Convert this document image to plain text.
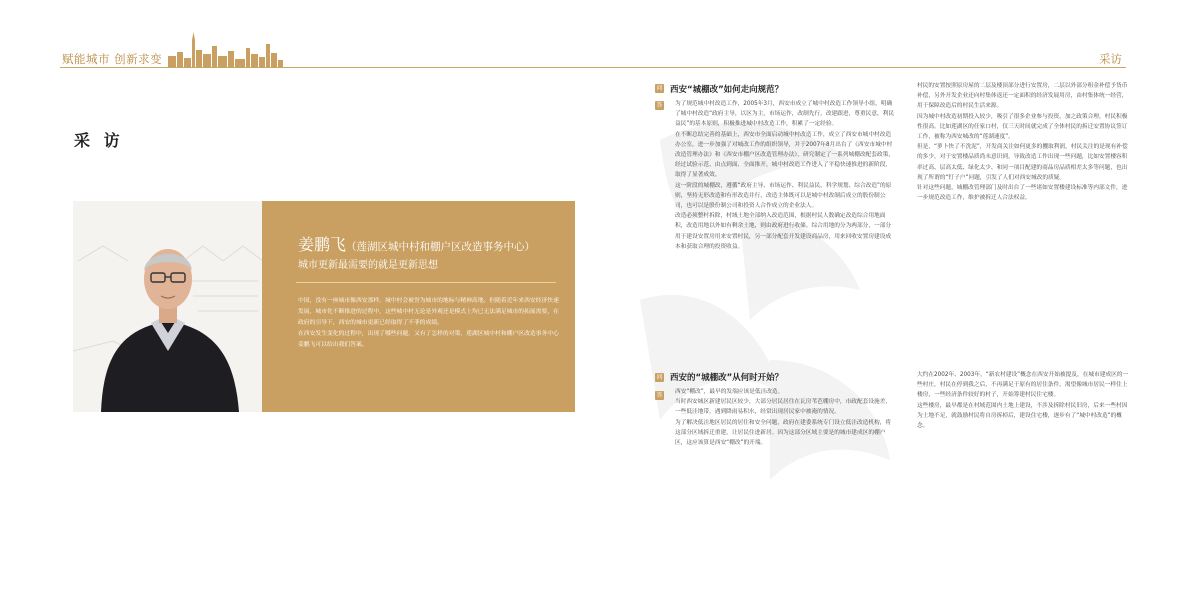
赋能城市 创新求变	采访
采 访
姜鹏飞（莲湖区城中村和棚户区改造事务中心）
城市更新最需要的就是更新思想

中国，没有一座城市像西安那样，城中村会被誉为城市的地标与精神高地。但随着近年来西安经济快速发展，城市化不断推进的过程中，这些城中村无论是外观还是模式上均已无法满足城市的拓展需要，在政府的引导下，西安的城市更新已经取得了不菲的成绩。

在西安发生变化的过程中，出现了哪些问题，又有了怎样的对策，莲湖区城中村和棚户区改造事务中心姜鹏飞可以给出我们答案。

问 西安“城棚改”如何走向规范？
答 为了规范城中村改造工作，2005年3月，西安市成立了城中村改造工作领导小组，明确了城中村改造“政府主导，以区为主，市场运作，改制先行，改建跟进，尊重民意，利民益民”的基本原则，积极推进城中村改造工作，积累了一定经验。

在不断总结完善的基础上，西安市全面启动城中村改造工作，成立了西安市城中村改造办公室，进一步加强了对城改工作的组织领导，并于2007年8月出台了《西安市城中村改造管理办法》和《西安市棚户区改造管理办法》，研究制定了一系列城棚改配套政策，经过试验示范、由点到面、全面推开，城中村改造工作进入了平稳快速推进的新阶段，取得了显著成效。

这一阶段的城棚改，遵循“政府主导、市场运作、利民益民、科学规划、综合改造”的原则，坚持无形改造和有形改造并行，改造主体既可以是城中村改制后成立的股份制公司，也可以是股份制公司和投资人合作成立的企业法人。

改造必须整村拆除，村域土地全部纳入改造范围，根据村民人数确定改造综合用地面积，改造用地以外如有剩余土地，则由政府进行收储。综合用地的分为两部分，一部分用于建设安置房用来安置村民，另一部分配套开发建设商品房，用来回收安置房建设成本和获取合理的投资收益。

村民的安置按照原房屋的二层及楼顶部分进行安置房，二层以外部分租金补偿予货币补偿，另外开发企业还向村集体返还一定面积的经济发展用房，由村集体统一经营，用于保障改造后的村民生活来源。

因为城中村改造初期投入较少，吸引了很多企业参与投资，加之政策合理，村民积极性很高。比如莲湖区的任家口村，仅三天时间就完成了全体村民的拆迁安置协议签订工作，被称为西安城改的“莲湖速度”。

但是，“萝卜快了不洗泥”，开发商关注如何更多的攫取利润，村民关注的是现有补偿的多少，对于安置楼品质尚未意识到，导致改造工作出现一些问题，比如安置楼容积率过高、层高太低、绿化太少、和同一项目配建的商品房品质相差太多等问题，也出现了所谓的“钉子户”问题，引发了人们对西安城改的质疑。

针对这些问题，城棚改管理部门及时出台了一些诸如安置楼建设标准等内部文件，进一步规范改造工作，维护被拆迁人合法权益。

问 西安的“城棚改”从何时开始？
答 西安“棚改”，最早的发端应该是低洼改造。

当时西安城区新建居民区较少，大部分居民居住在瓦房苇芭棚房中，市政配套设施差，一些低洼地带，遇到降雨易积水，经常出现居民家中被淹的情况。

为了解决低洼地区居民的居住和安全问题，政府在建委系统专门设立低洼改造机构，将这部分区域拆迁重建，让居民住进新居。因为这部分区域主要是的城市建成区的棚户区，这应该算是西安“棚改”的开端。

大约在2002年、2003年，“新农村建设”概念在西安开始被提及，在城市建成区的一些村庄，村民在停到我之后，不再满足于原有的居住条件，渴望像城市居民一样住上楼房，一些经济条件较好的村子，开始筹建村民住宅楼。

这些楼房，最早都是在村域范围内土地上建设，不涉及拆除村民旧房，后来一些村因为土地不足，就鼓励村民将自房拆掉后，建设住宅楼，逐步有了“城中村改造”的概念。
